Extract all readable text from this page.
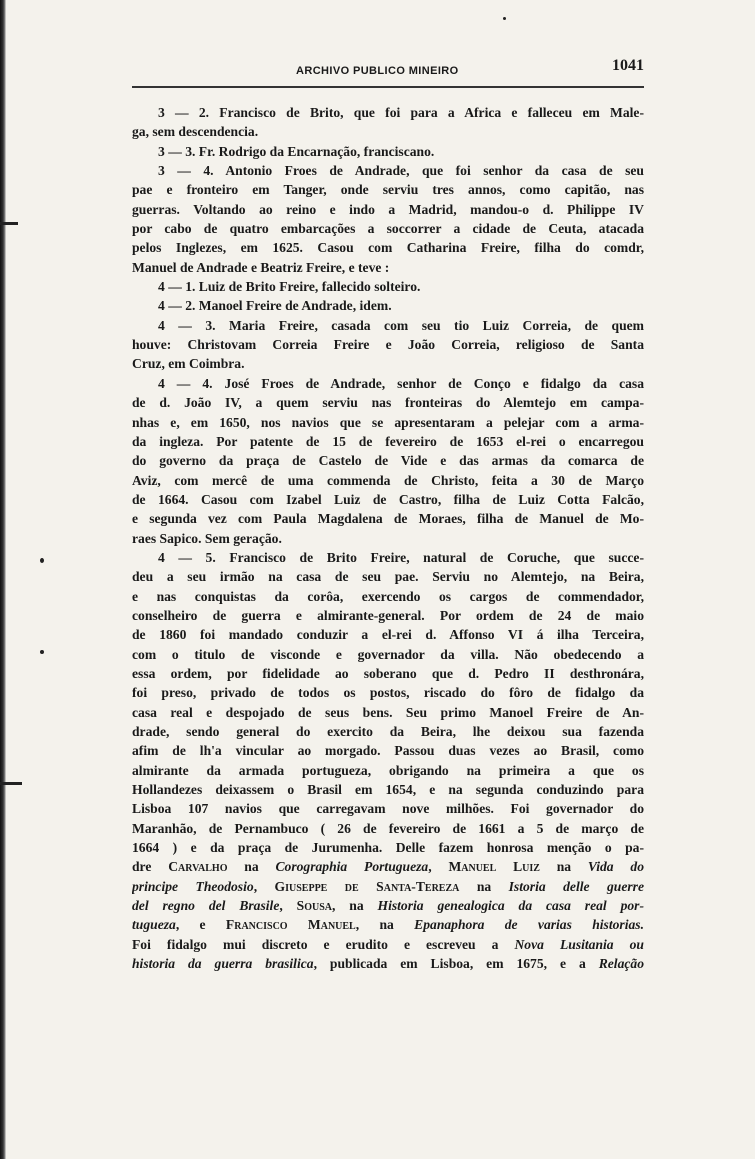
ARCHIVO PUBLICO MINEIRO	1041
3 — 2. Francisco de Brito, que foi para a Africa e falleceu em Male-
ga, sem descendencia.
3 — 3. Fr. Rodrigo da Encarnação, franciscano.
3 — 4. Antonio Froes de Andrade, que foi senhor da casa de seu
pae e fronteiro em Tanger, onde serviu tres annos, como capitão, nas
guerras. Voltando ao reino e indo a Madrid, mandou-o d. Philippe IV
por cabo de quatro embarcações a soccorrer a cidade de Ceuta, atacada
pelos Inglezes, em 1625. Casou com Catharina Freire, filha do comdr,
Manuel de Andrade e Beatriz Freire, e teve :
4 — 1. Luiz de Brito Freire, fallecido solteiro.
4 — 2. Manoel Freire de Andrade, idem.
4 — 3. Maria Freire, casada com seu tio Luiz Correia, de quem
houve: Christovam Correia Freire e João Correia, religioso de Santa
Cruz, em Coimbra.
4 — 4. José Froes de Andrade, senhor de Conço e fidalgo da casa
de d. João IV, a quem serviu nas fronteiras do Alemtejo em campa-
nhas e, em 1650, nos navios que se apresentaram a pelejar com a arma-
da ingleza. Por patente de 15 de fevereiro de 1653 el-rei o encarregou
do governo da praça de Castelo de Vide e das armas da comarca de
Aviz, com mercê de uma commenda de Christo, feita a 30 de Março
de 1664. Casou com Izabel Luiz de Castro, filha de Luiz Cotta Falcão,
e segunda vez com Paula Magdalena de Moraes, filha de Manuel de Mo-
raes Sapico. Sem geração.
4 — 5. Francisco de Brito Freire, natural de Coruche, que succe-
deu a seu irmão na casa de seu pae. Serviu no Alemtejo, na Beira,
e nas conquistas da corôa, exercendo os cargos de commendador,
conselheiro de guerra e almirante-general. Por ordem de 24 de maio
de 1860 foi mandado conduzir a el-rei d. Affonso VI á ilha Terceira,
com o titulo de visconde e governador da villa. Não obedecendo a
essa ordem, por fidelidade ao soberano que d. Pedro II desthronára,
foi preso, privado de todos os postos, riscado do fôro de fidalgo da
casa real e despojado de seus bens. Seu primo Manoel Freire de An-
drade, sendo general do exercito da Beira, lhe deixou sua fazenda
afim de lh'a vincular ao morgado. Passou duas vezes ao Brasil, como
almirante da armada portugueza, obrigando na primeira a que os
Hollandezes deixassem o Brasil em 1654, e na segunda conduzindo para
Lisboa 107 navios que carregavam nove milhões. Foi governador do
Maranhão, de Pernambuco ( 26 de fevereiro de 1661 a 5 de março de
1664 ) e da praça de Jurumenha. Delle fazem honrosa menção o pa-
dre Carvalho na Corographia Portugueza, Manuel Luiz na Vida do
principe Theodosio, Giuseppe de Santa-Tereza na Istoria delle guerre
del regno del Brasile, Sousa, na Historia genealogica da casa real por-
tugueza, e Francisco Manuel, na Epanaphora de varias historias.
Foi fidalgo mui discreto e erudito e escreveu a Nova Lusitania ou
historia da guerra brasilica, publicada em Lisboa, em 1675, e a Relação
